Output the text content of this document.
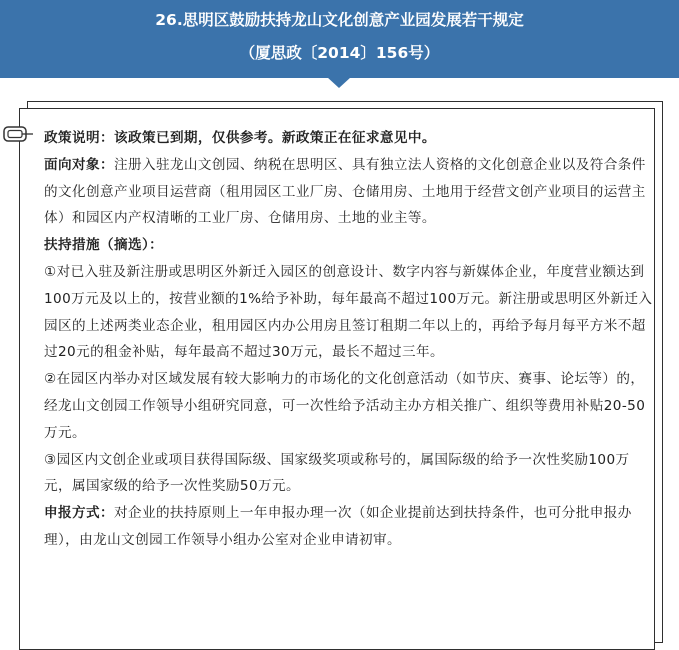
26.思明区鼓励扶持龙山文化创意产业园发展若干规定
（厦思政〔2014〕156号）

政策说明：该政策已到期，仅供参考。新政策正在征求意见中。

面向对象：注册入驻龙山文创园、纳税在思明区、具有独立法人资格的文化创意企业以及符合条件的文化创意产业项目运营商（租用园区工业厂房、仓储用房、土地用于经营文创产业项目的运营主体）和园区内产权清晰的工业厂房、仓储用房、土地的业主等。

扶持措施（摘选）：

①对已入驻及新注册或思明区外新迁入园区的创意设计、数字内容与新媒体企业，年度营业额达到100万元及以上的，按营业额的1%给予补助，每年最高不超过100万元。新注册或思明区外新迁入园区的上述两类业态企业，租用园区内办公用房且签订租期二年以上的，再给予每月每平方米不超过20元的租金补贴，每年最高不超过30万元，最长不超过三年。

②在园区内举办对区域发展有较大影响力的市场化的文化创意活动（如节庆、赛事、论坛等）的，经龙山文创园工作领导小组研究同意，可一次性给予活动主办方相关推广、组织等费用补贴20-50万元。

③园区内文创企业或项目获得国际级、国家级奖项或称号的，属国际级的给予一次性奖励100万元，属国家级的给予一次性奖励50万元。

申报方式：对企业的扶持原则上一年申报办理一次（如企业提前达到扶持条件，也可分批申报办理），由龙山文创园工作领导小组办公室对企业申请初审。
